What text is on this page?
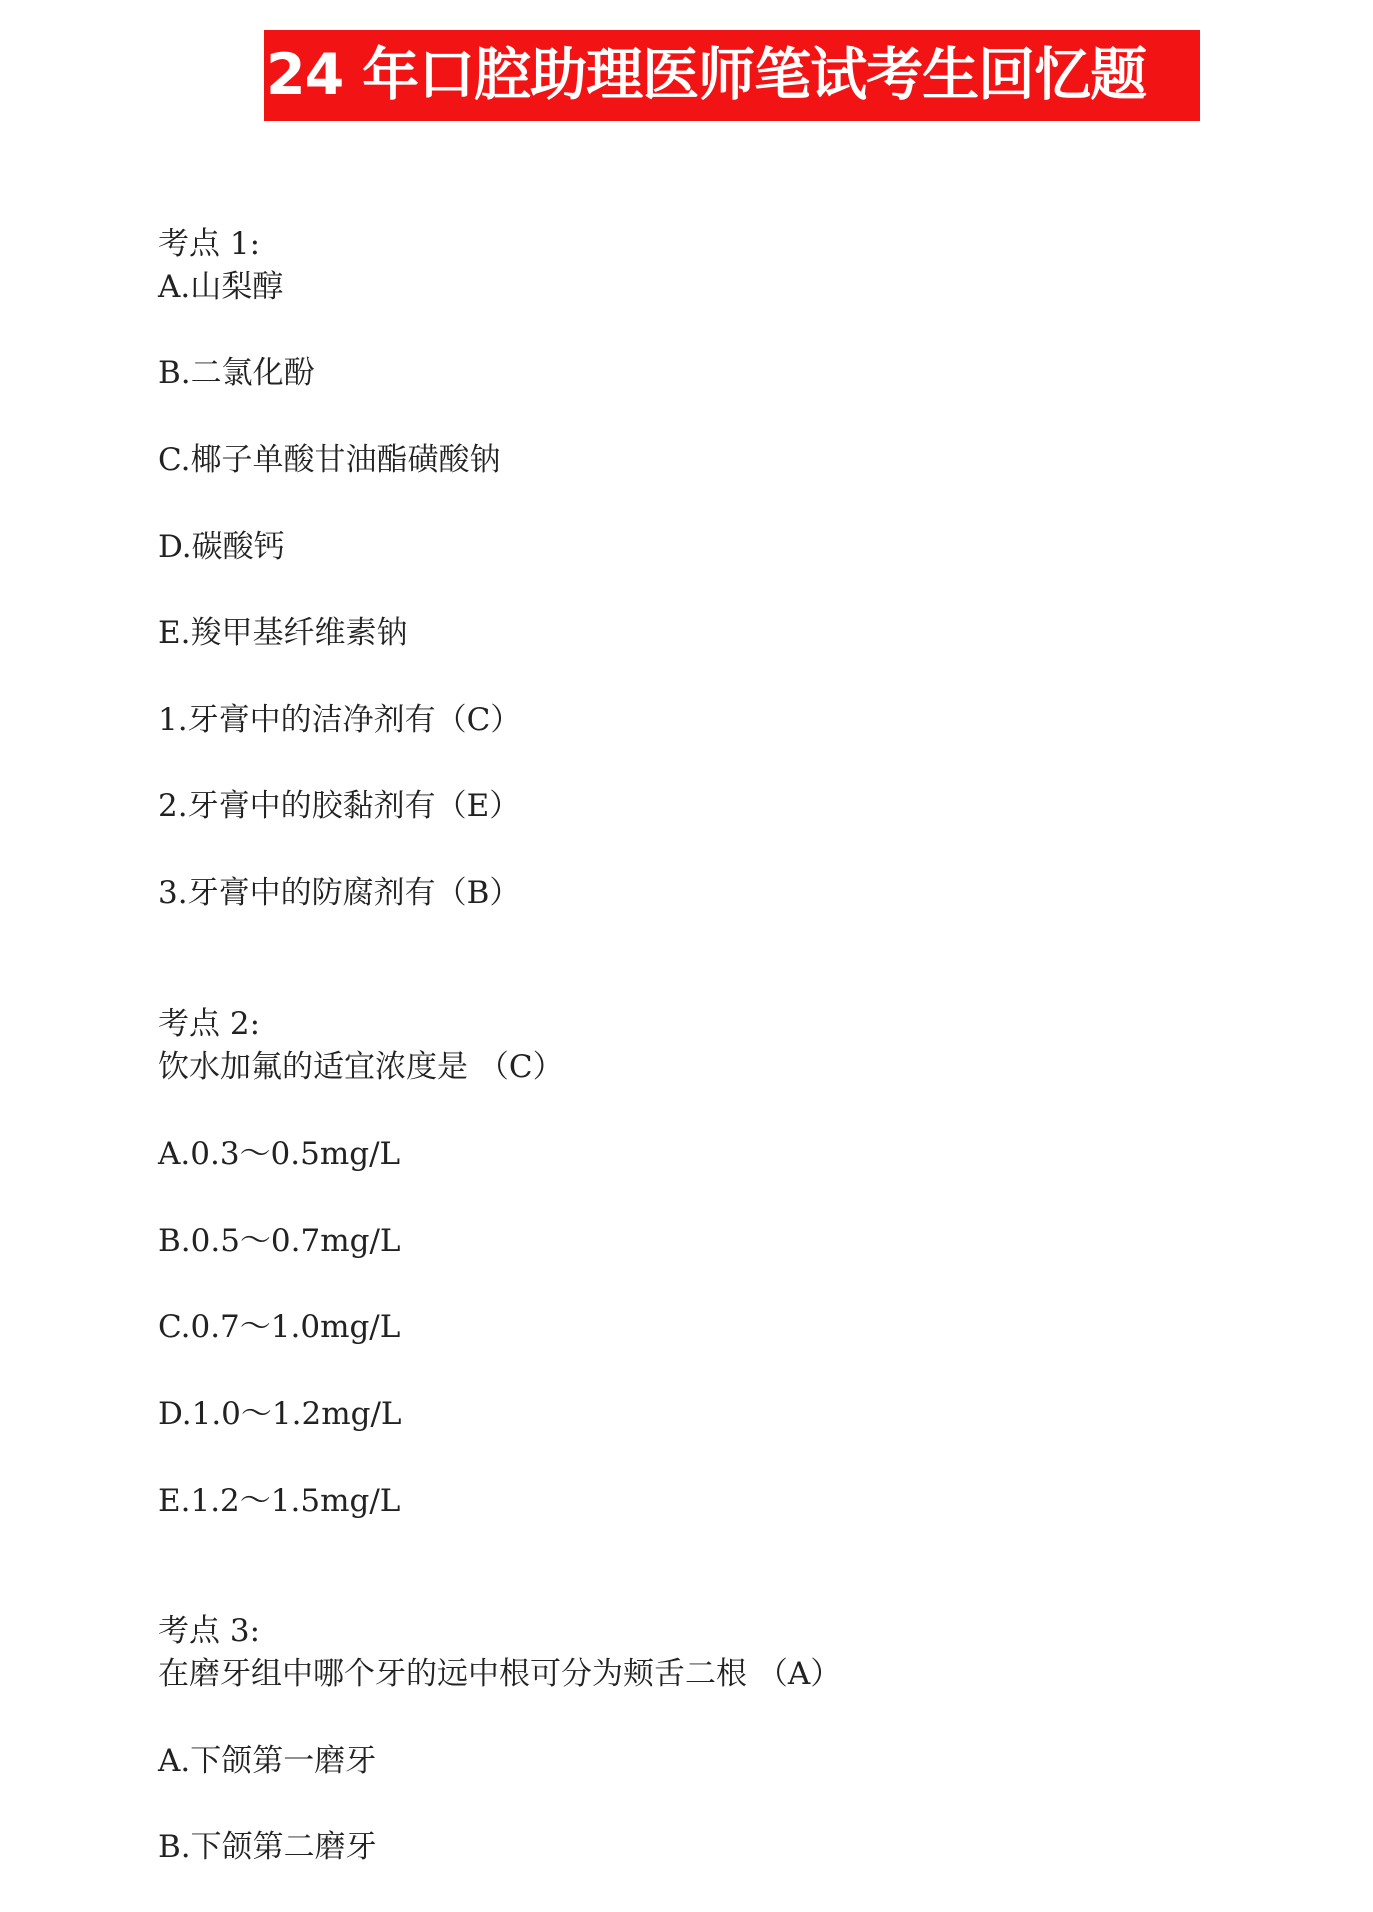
24 年口腔助理医师笔试考生回忆题
考点 1:
A.山梨醇
B.二氯化酚
C.椰子单酸甘油酯磺酸钠
D.碳酸钙
E.羧甲基纤维素钠
1.牙膏中的洁净剂有（C）
2.牙膏中的胶黏剂有（E）
3.牙膏中的防腐剂有（B）
考点 2:
饮水加氟的适宜浓度是 （C）
A.0.3～0.5mg/L
B.0.5～0.7mg/L
C.0.7～1.0mg/L
D.1.0～1.2mg/L
E.1.2～1.5mg/L
考点 3:
在磨牙组中哪个牙的远中根可分为颊舌二根 （A）
A.下颌第一磨牙
B.下颌第二磨牙
